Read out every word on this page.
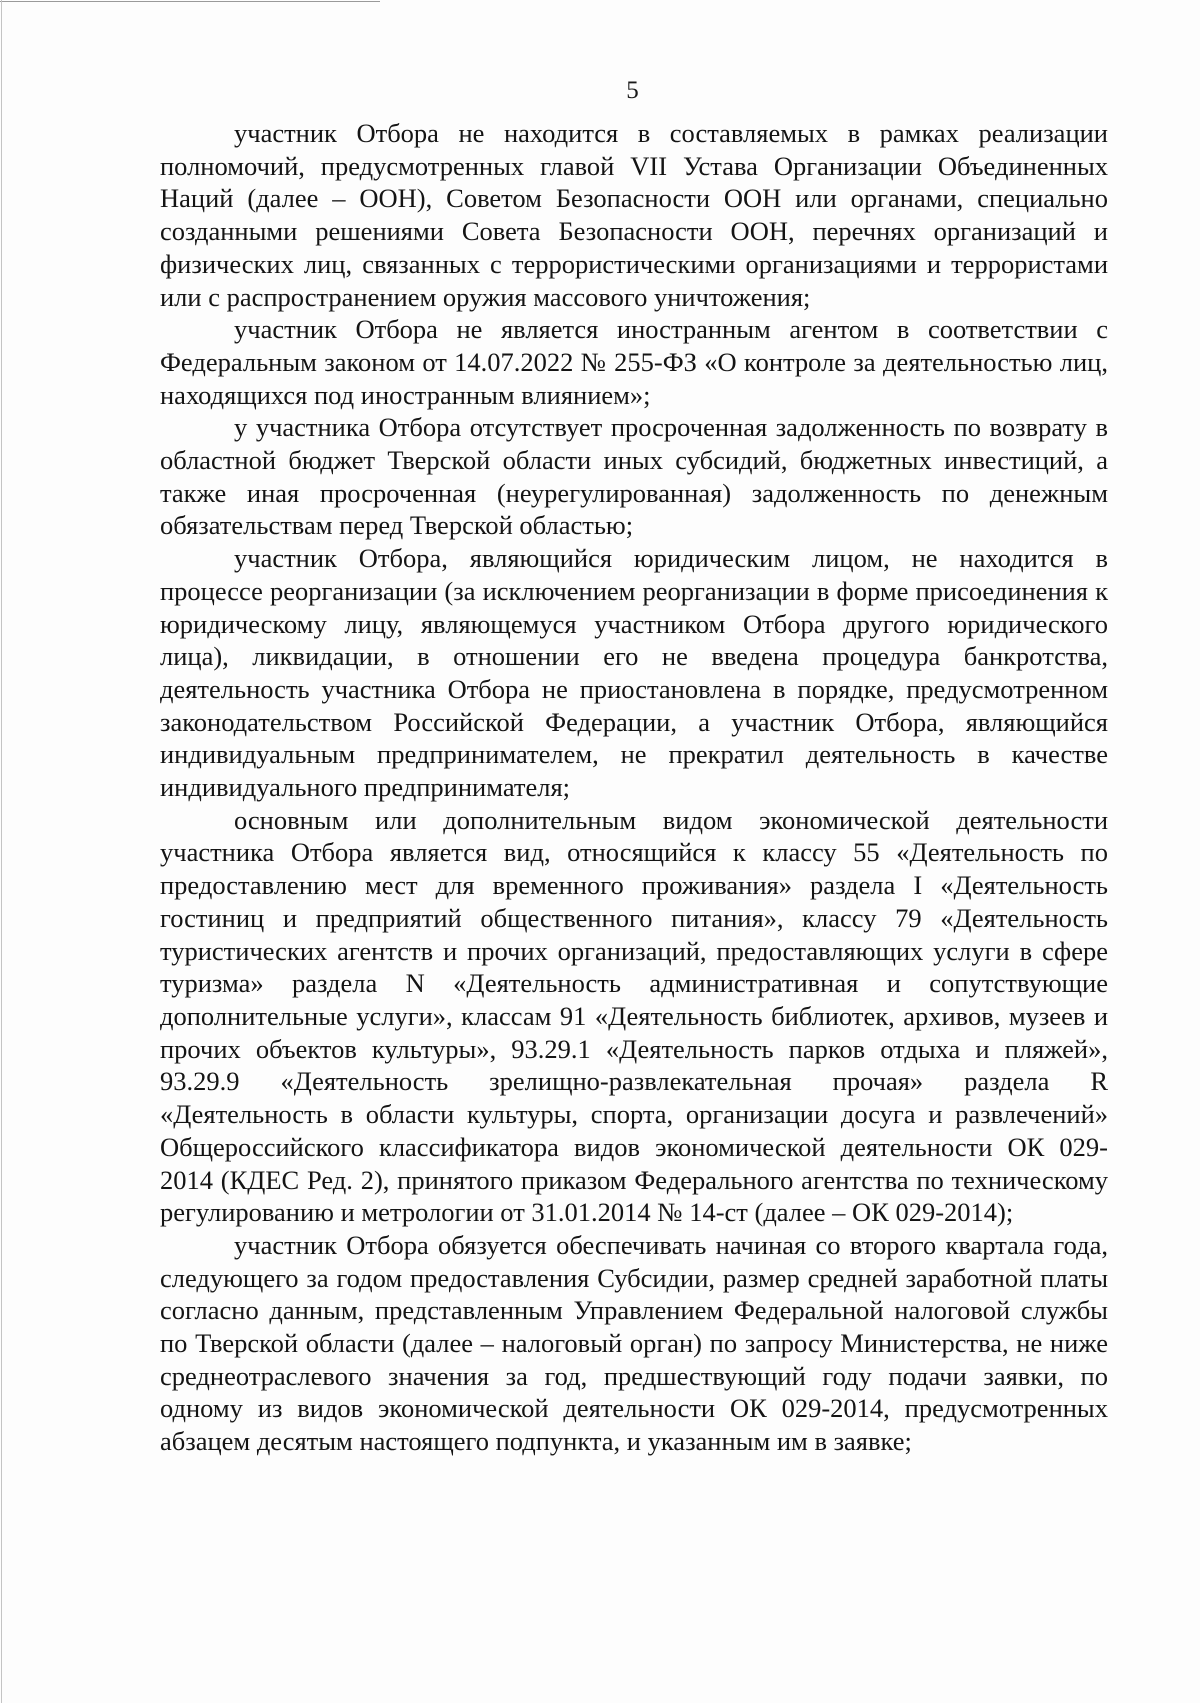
5

участник Отбора не находится в составляемых в рамках реализации полномочий, предусмотренных главой VII Устава Организации Объединенных Наций (далее – ООН), Советом Безопасности ООН или органами, специально созданными решениями Совета Безопасности ООН, перечнях организаций и физических лиц, связанных с террористическими организациями и террористами или с распространением оружия массового уничтожения;

участник Отбора не является иностранным агентом в соответствии с Федеральным законом от 14.07.2022 № 255-ФЗ «О контроле за деятельностью лиц, находящихся под иностранным влиянием»;

у участника Отбора отсутствует просроченная задолженность по возврату в областной бюджет Тверской области иных субсидий, бюджетных инвестиций, а также иная просроченная (неурегулированная) задолженность по денежным обязательствам перед Тверской областью;

участник Отбора, являющийся юридическим лицом, не находится в процессе реорганизации (за исключением реорганизации в форме присоединения к юридическому лицу, являющемуся участником Отбора другого юридического лица), ликвидации, в отношении его не введена процедура банкротства, деятельность участника Отбора не приостановлена в порядке, предусмотренном законодательством Российской Федерации, а участник Отбора, являющийся индивидуальным предпринимателем, не прекратил деятельность в качестве индивидуального предпринимателя;

основным или дополнительным видом экономической деятельности участника Отбора является вид, относящийся к классу 55 «Деятельность по предоставлению мест для временного проживания» раздела I «Деятельность гостиниц и предприятий общественного питания», классу 79 «Деятельность туристических агентств и прочих организаций, предоставляющих услуги в сфере туризма» раздела N «Деятельность административная и сопутствующие дополнительные услуги», классам 91 «Деятельность библиотек, архивов, музеев и прочих объектов культуры», 93.29.1 «Деятельность парков отдыха и пляжей», 93.29.9 «Деятельность зрелищно-развлекательная прочая» раздела R «Деятельность в области культуры, спорта, организации досуга и развлечений» Общероссийского классификатора видов экономической деятельности ОК 029-2014 (КДЕС Ред. 2), принятого приказом Федерального агентства по техническому регулированию и метрологии от 31.01.2014 № 14-ст (далее – ОК 029-2014);

участник Отбора обязуется обеспечивать начиная со второго квартала года, следующего за годом предоставления Субсидии, размер средней заработной платы согласно данным, представленным Управлением Федеральной налоговой службы по Тверской области (далее – налоговый орган) по запросу Министерства, не ниже среднеотраслевого значения за год, предшествующий году подачи заявки, по одному из видов экономической деятельности ОК 029-2014, предусмотренных абзацем десятым настоящего подпункта, и указанным им в заявке;
